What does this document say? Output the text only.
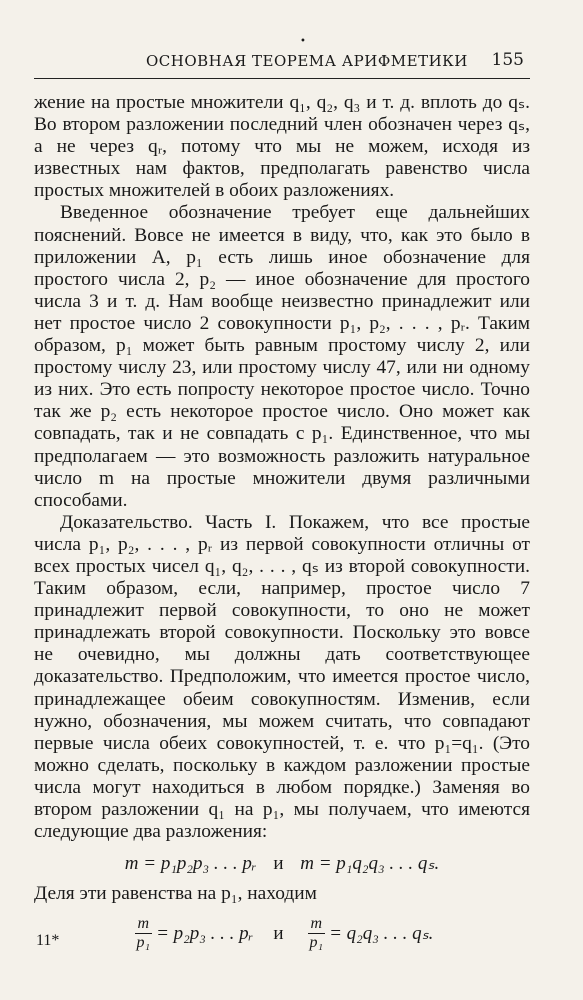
•
ОСНОВНАЯ ТЕОРЕМА АРИФМЕТИКИ 155

жение на простые множители q₁, q₂, q₃ и т. д. вплоть до qₛ. Во втором разложении последний член обозначен через qₛ, а не через qᵣ, потому что мы не можем, исходя из известных нам фактов, предполагать равенство числа простых множителей в обоих разложениях.

Введенное обозначение требует еще дальнейших пояснений. Вовсе не имеется в виду, что, как это было в приложении А, p₁ есть лишь иное обозначение для простого числа 2, p₂ — иное обозначение для простого числа 3 и т. д. Нам вообще неизвестно принадлежит или нет простое число 2 совокупности p₁, p₂, . . . , pᵣ. Таким образом, p₁ может быть равным простому числу 2, или простому числу 23, или простому числу 47, или ни одному из них. Это есть попросту некоторое простое число. Точно так же p₂ есть некоторое простое число. Оно может как совпадать, так и не совпадать с p₁. Единственное, что мы предполагаем — это возможность разложить натуральное число m на простые множители двумя различными способами.

Доказательство. Часть I. Покажем, что все простые числа p₁, p₂, . . . , pᵣ из первой совокупности отличны от всех простых чисел q₁, q₂, . . . , qₛ из второй совокупности. Таким образом, если, например, простое число 7 принадлежит первой совокупности, то оно не может принадлежать второй совокупности. Поскольку это вовсе не очевидно, мы должны дать соответствующее доказательство. Предположим, что имеется простое число, принадлежащее обеим совокупностям. Изменив, если нужно, обозначения, мы можем считать, что совпадают первые числа обеих совокупностей, т. е. что p₁=q₁. (Это можно сделать, поскольку в каждом разложении простые числа могут находиться в любом порядке.) Заменяя во втором разложении q₁ на p₁, мы получаем, что имеются следующие два разложения:

m = p₁p₂p₃ . . . pᵣ и m = p₁q₂q₃ . . . qₛ.

Деля эти равенства на p₁, находим

$\frac{m}{\text{p₁}} = p_2p_3$ . . . pᵣ и $\frac{m}{\text{p₁}} = q_2q_3$ . . . qₛ.
11*
